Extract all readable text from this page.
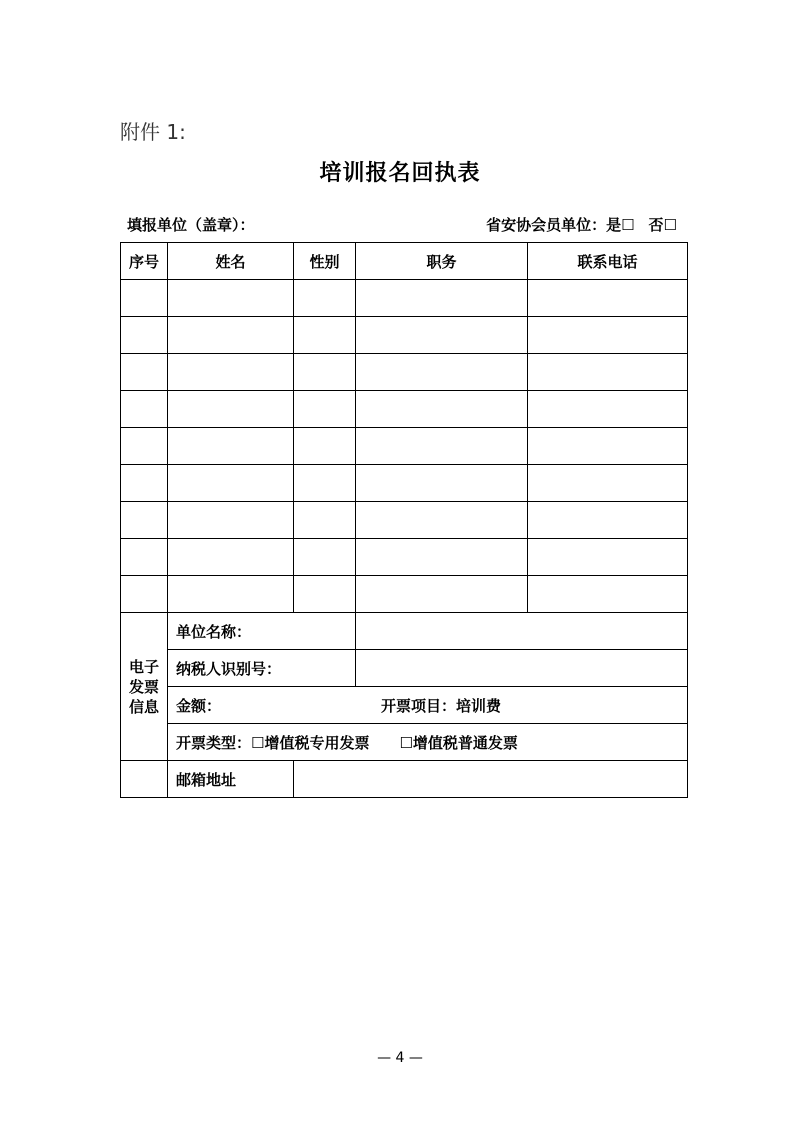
附件 1:
培训报名回执表
填报单位（盖章）：	省安协会员单位：是☐ 否☐
序号	姓名	性别	职务	联系电话

电子
发票
信息	单位名称：			
	纳税人识别号：			
	金额： 开票项目：培训费			
	开票类型：☐增值税专用发票 ☐增值税普通发票			
	邮箱地址			
— 4 —
